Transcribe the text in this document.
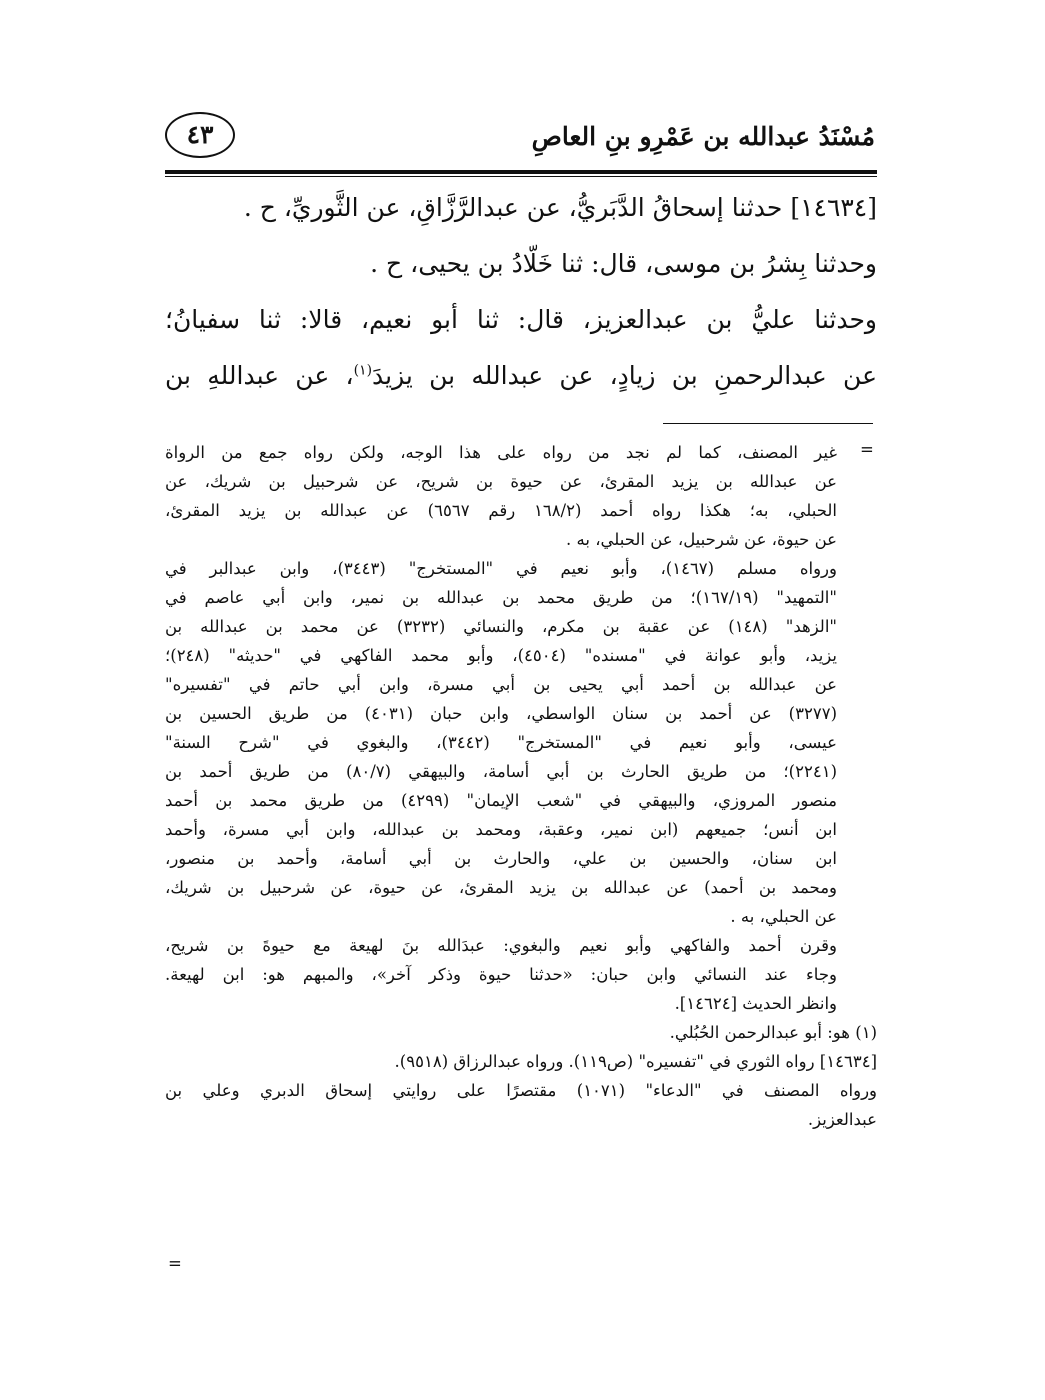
مُسْنَدُ عبدالله بن عَمْرِو بنِ العاصِ
٤٣
[١٤٦٣٤] حدثنا إسحاقُ الدَّبَريُّ، عن عبدالرَّزَّاقِ، عن الثَّوريِّ، ح .
وحدثنا بِشرُ بن موسى، قال: ثنا خَلّادُ بن يحيى، ح .
وحدثنا عليُّ بن عبدالعزيز، قال: ثنا أبو نعيم، قالا: ثنا سفيانُ؛
عن عبدالرحمنِ بن زيادٍ، عن عبدالله بن يزيدَ$^{(١)}$، عن عبداللهِ بن
=
=
غير المصنف، كما لم نجد من رواه على هذا الوجه، ولكن رواه جمع من الرواة
عن عبدالله بن يزيد المقرئ، عن حيوة بن شريح، عن شرحبيل بن شريك، عن
الحبلي، به؛ هكذا رواه أحمد (١٦٨/٢ رقم ٦٥٦٧) عن عبدالله بن يزيد المقرئ،
عن حيوة، عن شرحبيل، عن الحبلي، به .
ورواه مسلم (١٤٦٧)، وأبو نعيم في "المستخرج" (٣٤٤٣)، وابن عبدالبر في
"التمهيد" (١٦٧/١٩)؛ من طريق محمد بن عبدالله بن نمير، وابن أبي عاصم في
"الزهد" (١٤٨) عن عقبة بن مكرم، والنسائي (٣٢٣٢) عن محمد بن عبدالله بن
يزيد، وأبو عوانة في "مسنده" (٤٥٠٤)، وأبو محمد الفاكهي في "حديثه" (٢٤٨)؛
عن عبدالله بن أحمد أبي يحيى بن أبي مسرة، وابن أبي حاتم في "تفسيره"
(٣٢٧٧) عن أحمد بن سنان الواسطي، وابن حبان (٤٠٣١) من طريق الحسين بن
عيسى، وأبو نعيم في "المستخرج" (٣٤٤٢)، والبغوي في "شرح السنة"
(٢٢٤١)؛ من طريق الحارث بن أبي أسامة، والبيهقي (٨٠/٧) من طريق أحمد بن
منصور المروزي، والبيهقي في "شعب الإيمان" (٤٢٩٩) من طريق محمد بن أحمد
ابن أنس؛ جميعهم (ابن نمير، وعقبة، ومحمد بن عبدالله، وابن أبي مسرة، وأحمد
ابن سنان، والحسين بن علي، والحارث بن أبي أسامة، وأحمد بن منصور،
ومحمد بن أحمد) عن عبدالله بن يزيد المقرئ، عن حيوة، عن شرحبيل بن شريك،
عن الحبلي، به .
وقرن أحمد والفاكهي وأبو نعيم والبغوي: عبدَالله بنَ لهيعة مع حيوةَ بن شريح،
وجاء عند النسائي وابن حبان: «حدثنا حيوة وذكر آخر»، والمبهم هو: ابن لهيعة.
وانظر الحديث [١٤٦٢٤].
(١) هو: أبو عبدالرحمن الحُبُلي.
[١٤٦٣٤] رواه الثوري في "تفسيره" (ص١١٩). ورواه عبدالرزاق (٩٥١٨).
ورواه المصنف في "الدعاء" (١٠٧١) مقتصرًا على روايتي إسحاق الدبري وعلي بن
عبدالعزيز.
